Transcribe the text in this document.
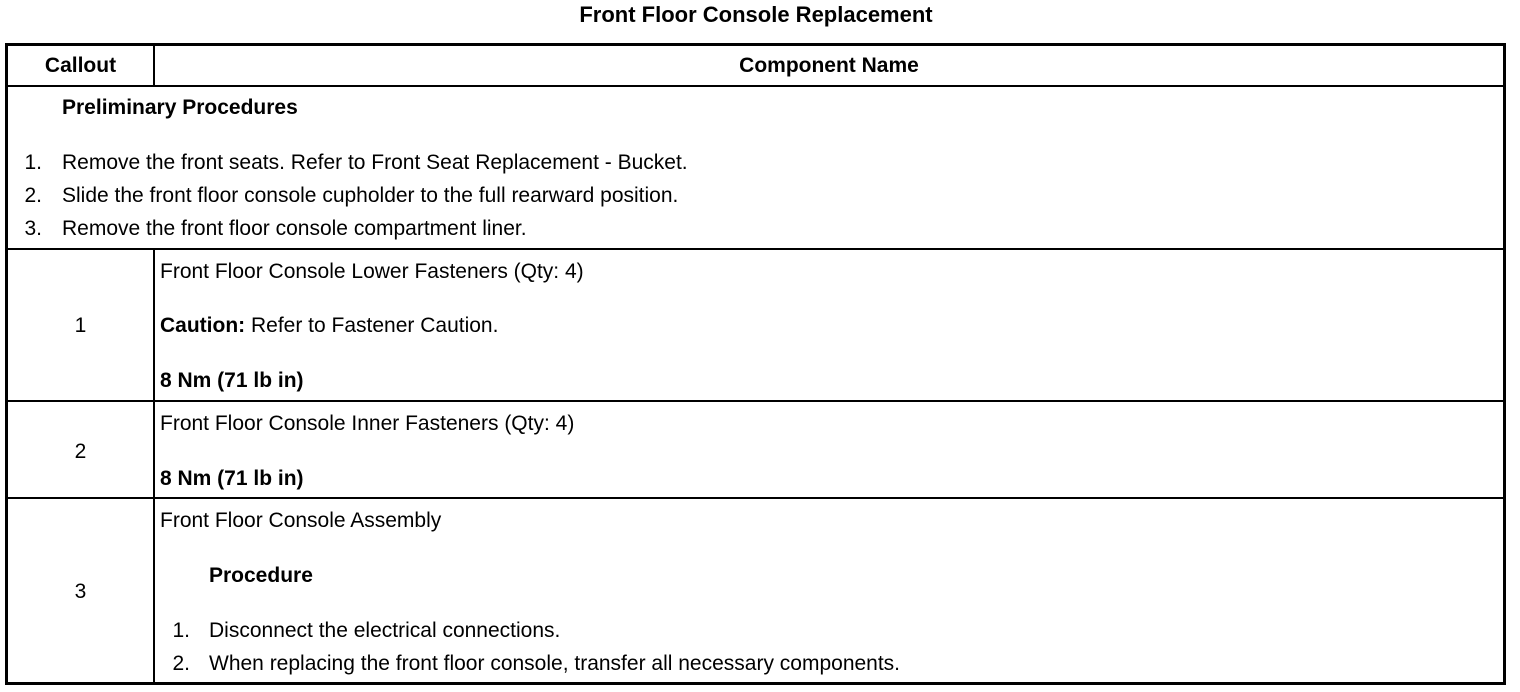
Front Floor Console Replacement
Callout	Component Name
Preliminary Procedures
1. Remove the front seats. Refer to Front Seat Replacement - Bucket.
2. Slide the front floor console cupholder to the full rearward position.
3. Remove the front floor console compartment liner.
1
Front Floor Console Lower Fasteners (Qty: 4)
Caution: Refer to Fastener Caution.
8 Nm (71 lb in)
2
Front Floor Console Inner Fasteners (Qty: 4)
8 Nm (71 lb in)
3
Front Floor Console Assembly
Procedure
1. Disconnect the electrical connections.
2. When replacing the front floor console, transfer all necessary components.
